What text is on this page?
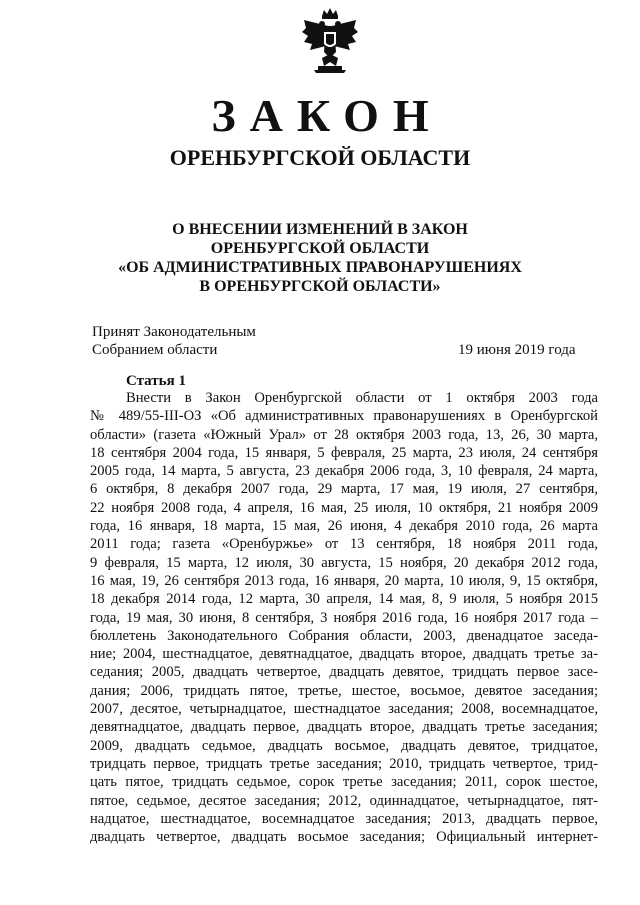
ЗАКОН
ОРЕНБУРГСКОЙ ОБЛАСТИ
О ВНЕСЕНИИ ИЗМЕНЕНИЙ В ЗАКОН
ОРЕНБУРГСКОЙ ОБЛАСТИ
«ОБ АДМИНИСТРАТИВНЫХ ПРАВОНАРУШЕНИЯХ
В ОРЕНБУРГСКОЙ ОБЛАСТИ»
Принят Законодательным
Собранием области	19 июня 2019 года
Статья 1
Внести в Закон Оренбургской области от 1 октября 2003 года
№ 489/55-III-ОЗ «Об административных правонарушениях в Оренбургской
области» (газета «Южный Урал» от 28 октября 2003 года, 13, 26, 30 марта,
18 сентября 2004 года, 15 января, 5 февраля, 25 марта, 23 июля, 24 сентября
2005 года, 14 марта, 5 августа, 23 декабря 2006 года, 3, 10 февраля, 24 марта,
6 октября, 8 декабря 2007 года, 29 марта, 17 мая, 19 июля, 27 сентября,
22 ноября 2008 года, 4 апреля, 16 мая, 25 июля, 10 октября, 21 ноября 2009
года, 16 января, 18 марта, 15 мая, 26 июня, 4 декабря 2010 года, 26 марта
2011 года; газета «Оренбуржье» от 13 сентября, 18 ноября 2011 года,
9 февраля, 15 марта, 12 июля, 30 августа, 15 ноября, 20 декабря 2012 года,
16 мая, 19, 26 сентября 2013 года, 16 января, 20 марта, 10 июля, 9, 15 октября,
18 декабря 2014 года, 12 марта, 30 апреля, 14 мая, 8, 9 июля, 5 ноября 2015
года, 19 мая, 30 июня, 8 сентября, 3 ноября 2016 года, 16 ноября 2017 года –
бюллетень Законодательного Собрания области, 2003, двенадцатое заседа-
ние; 2004, шестнадцатое, девятнадцатое, двадцать второе, двадцать третье за-
седания; 2005, двадцать четвертое, двадцать девятое, тридцать первое засе-
дания; 2006, тридцать пятое, третье, шестое, восьмое, девятое заседания;
2007, десятое, четырнадцатое, шестнадцатое заседания; 2008, восемнадцатое,
девятнадцатое, двадцать первое, двадцать второе, двадцать третье заседания;
2009, двадцать седьмое, двадцать восьмое, двадцать девятое, тридцатое,
тридцать первое, тридцать третье заседания; 2010, тридцать четвертое, трид-
цать пятое, тридцать седьмое, сорок третье заседания; 2011, сорок шестое,
пятое, седьмое, десятое заседания; 2012, одиннадцатое, четырнадцатое, пят-
надцатое, шестнадцатое, восемнадцатое заседания; 2013, двадцать первое,
двадцать четвертое, двадцать восьмое заседания; Официальный интернет-
